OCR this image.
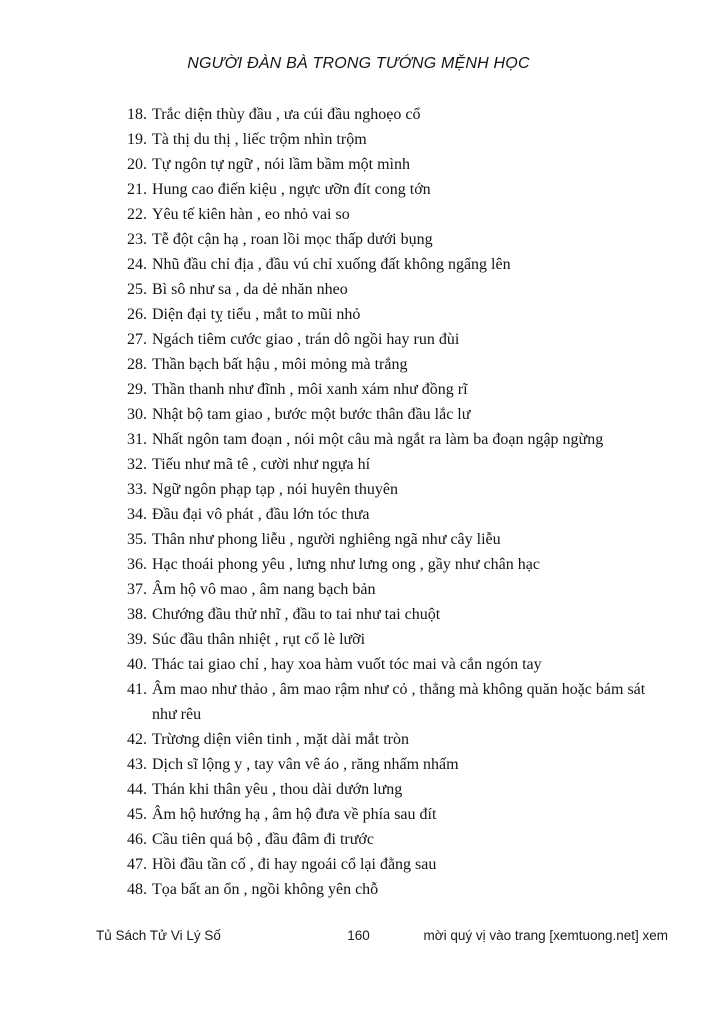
NGƯỜI ĐÀN BÀ TRONG TƯỚNG MỆNH HỌC
18. Trắc diện thùy đầu , ưa cúi đầu nghoẹo cổ
19. Tà thị du thị , liếc trộm nhìn trộm
20. Tự ngôn tự ngữ , nói lầm bầm một mình
21. Hung cao điến kiệu , ngực ưỡn đít cong tớn
22. Yêu tế kiên hàn , eo nhỏ vai so
23. Tễ đột cận hạ , roan lồi mọc thấp dưới bụng
24. Nhũ đầu chỉ địa , đầu vú chỉ xuống đất không ngẩng lên
25. Bì sô như sa , da dẻ nhăn nheo
26. Diện đại tỵ tiểu , mắt to mũi nhỏ
27. Ngách tiêm cước giao , trán dô ngồi hay run đùi
28. Thần bạch bất hậu , môi mỏng mà trắng
29. Thần thanh như đĩnh , môi xanh xám như đồng rĩ
30. Nhật bộ tam giao , bước một bước thân đầu lắc lư
31. Nhất ngôn tam đoạn , nói một câu mà ngắt ra làm ba đoạn ngập ngừng
32. Tiếu như mã tê , cười như ngựa hí
33. Ngữ ngôn phạp tạp , nói huyên thuyên
34. Đầu đại vô phát , đầu lớn tóc thưa
35. Thân như phong liễu , người nghiêng ngã như cây liễu
36. Hạc thoái phong yêu , lưng như lưng ong , gầy như chân hạc
37. Âm hộ vô mao , âm nang bạch bản
38. Chướng đầu thử nhĩ , đầu to tai như tai chuột
39. Súc đầu thân nhiệt , rụt cổ lè lưỡi
40. Thác tai giao chỉ , hay xoa hàm vuốt tóc mai và cắn ngón tay
41. Âm mao như thảo , âm mao rậm như cỏ , thẳng mà không quăn hoặc bám sát như rêu
42. Trừơng diện viên tinh , mặt dài mắt tròn
43. Dịch sĩ lộng y , tay vân vê áo , răng nhấm nhấm
44. Thán khi thân yêu , thou dài dướn lưng
45. Âm hộ hướng hạ , âm hộ đưa về phía sau đít
46. Cầu tiên quá bộ , đầu đâm đi trước
47. Hồi đầu tần cố , đi hay ngoái cổ lại đằng sau
48. Tọa bất an ổn , ngồi không yên chỗ
Tủ Sách Tử Vi Lý Số	160	mời quý vị vào trang [xemtuong.net] xem
